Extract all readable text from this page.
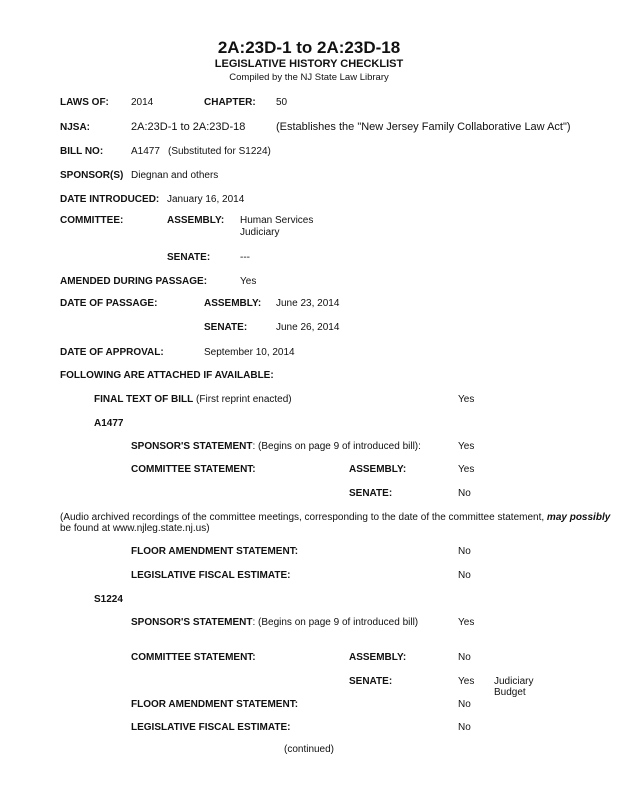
2A:23D-1 to 2A:23D-18
LEGISLATIVE HISTORY CHECKLIST
Compiled by the NJ State Law Library
LAWS OF: 2014	CHAPTER: 50
NJSA:	2A:23D-1 to 2A:23D-18	(Establishes the "New Jersey Family Collaborative Law Act")
BILL NO:	A1477 (Substituted for S1224)
SPONSOR(S) Diegnan and others
DATE INTRODUCED: January 16, 2014
COMMITTEE:	ASSEMBLY: Human Services
Judiciary
SENATE:	---
AMENDED DURING PASSAGE:	Yes
DATE OF PASSAGE:	ASSEMBLY: June 23, 2014
SENATE:	June 26, 2014
DATE OF APPROVAL:	September 10, 2014
FOLLOWING ARE ATTACHED IF AVAILABLE:
FINAL TEXT OF BILL (First reprint enacted)	Yes
A1477
SPONSOR'S STATEMENT: (Begins on page 9 of introduced bill):	Yes
COMMITTEE STATEMENT:	ASSEMBLY:	Yes
SENATE:	No
(Audio archived recordings of the committee meetings, corresponding to the date of the committee statement, may possibly
be found at www.njleg.state.nj.us)
FLOOR AMENDMENT STATEMENT:	No
LEGISLATIVE FISCAL ESTIMATE:	No
S1224
SPONSOR'S STATEMENT: (Begins on page 9 of introduced bill)	Yes
COMMITTEE STATEMENT:	ASSEMBLY:	No
SENATE:	Yes Judiciary
Budget
FLOOR AMENDMENT STATEMENT:	No
LEGISLATIVE FISCAL ESTIMATE:	No
(continued)
